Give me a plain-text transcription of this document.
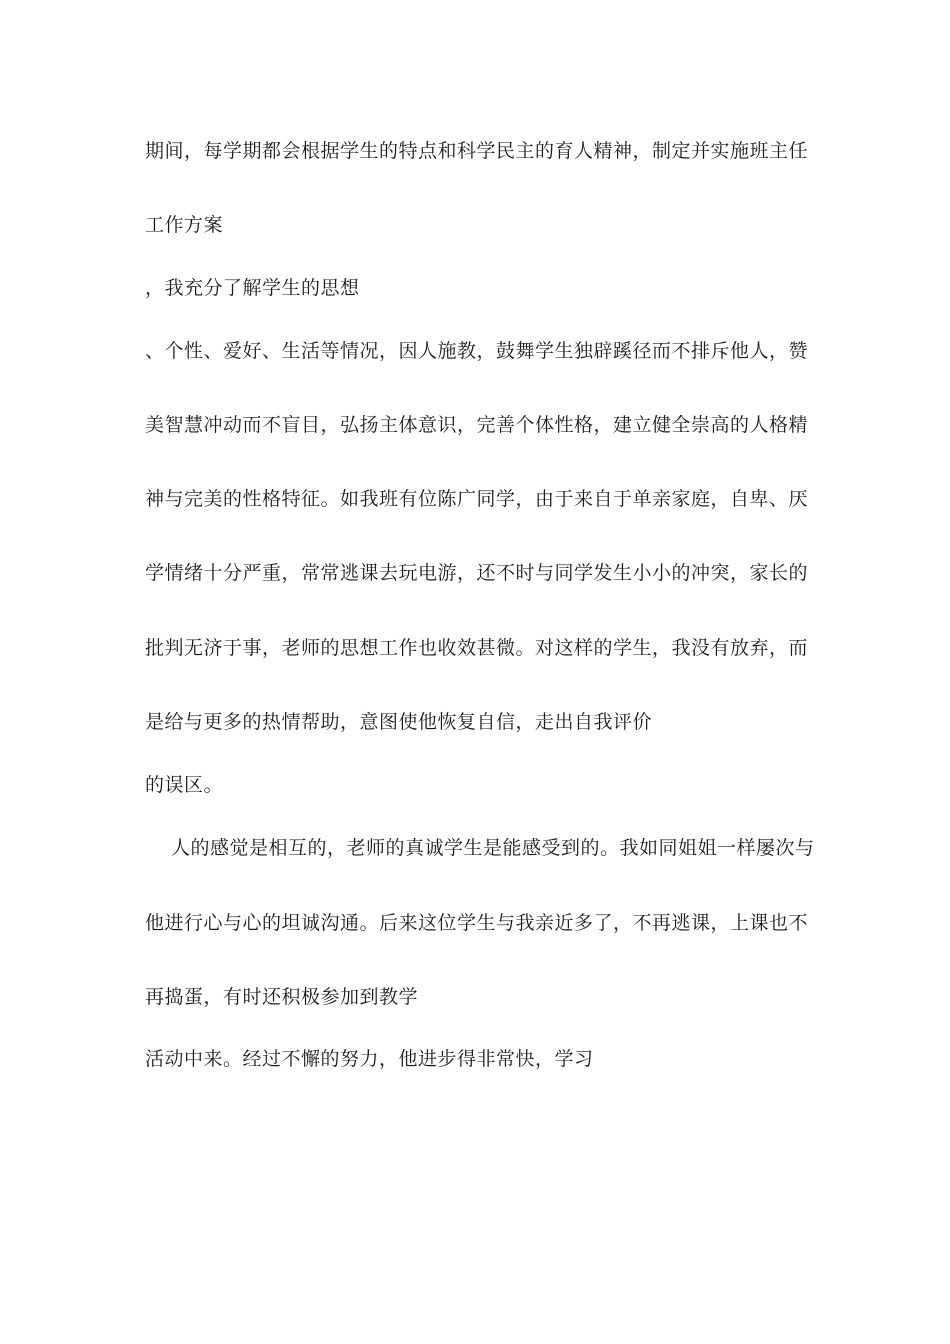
期间，每学期都会根据学生的特点和科学民主的育人精神，制定并实施班主任

工作方案

，我充分了解学生的思想

、个性、爱好、生活等情况，因人施教，鼓舞学生独辟蹊径而不排斥他人，赞

美智慧冲动而不盲目，弘扬主体意识，完善个体性格，建立健全崇高的人格精

神与完美的性格特征。如我班有位陈广同学，由于来自于单亲家庭，自卑、厌

学情绪十分严重，常常逃课去玩电游，还不时与同学发生小小的冲突，家长的

批判无济于事，老师的思想工作也收效甚微。对这样的学生，我没有放弃，而

是给与更多的热情帮助，意图使他恢复自信，走出自我评价

的误区。

人的感觉是相互的，老师的真诚学生是能感受到的。我如同姐姐一样屡次与

他进行心与心的坦诚沟通。后来这位学生与我亲近多了，不再逃课，上课也不

再捣蛋，有时还积极参加到教学

活动中来。经过不懈的努力，他进步得非常快，学习
